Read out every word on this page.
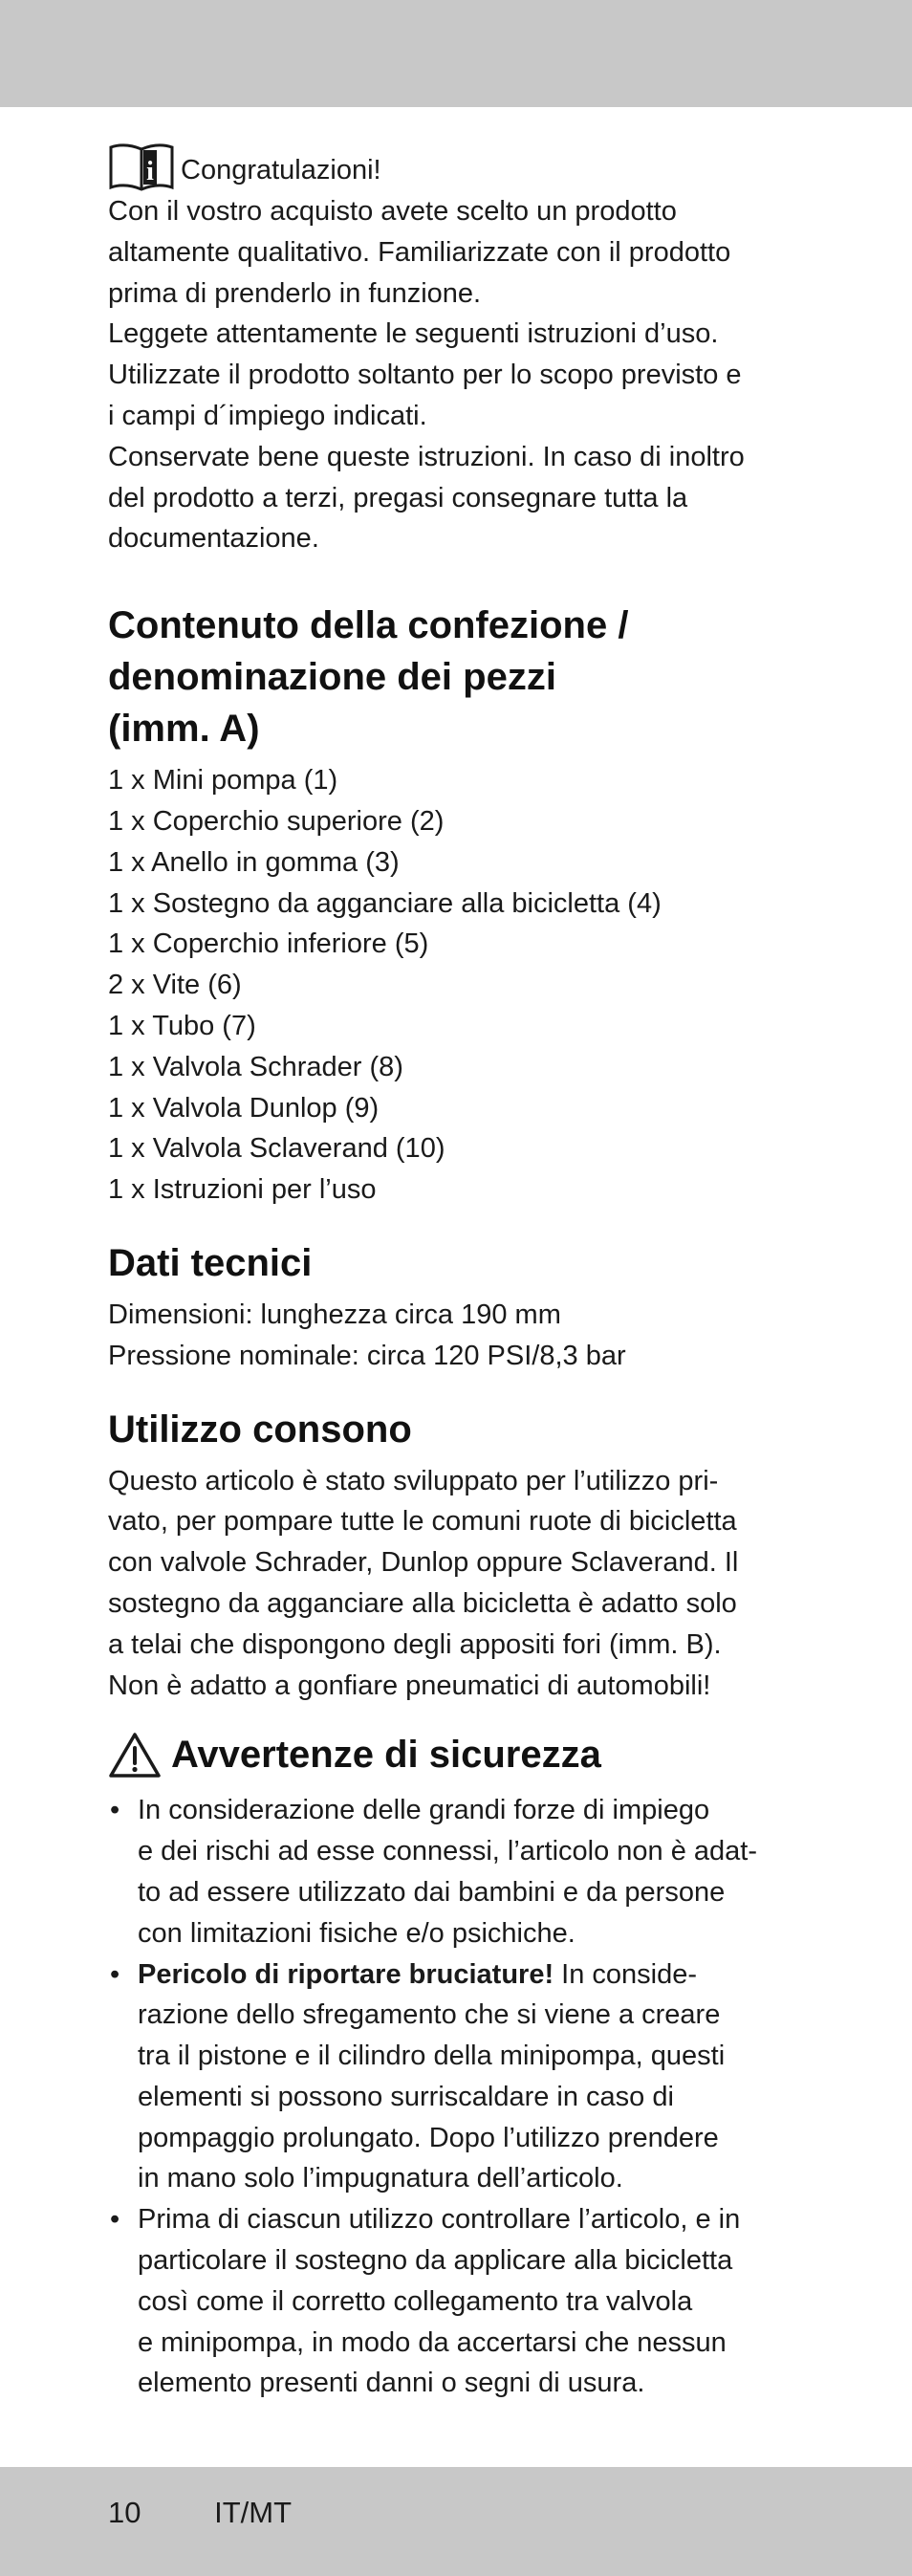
i Congratulazioni!

Con il vostro acquisto avete scelto un prodotto

altamente qualitativo. Familiarizzate con il prodotto

prima di prenderlo in funzione.

Leggete attentamente le seguenti istruzioni d’uso.

Utilizzate il prodotto soltanto per lo scopo previsto e

i campi d´impiego indicati.

Conservate bene queste istruzioni. In caso di inoltro

del prodotto a terzi, pregasi consegnare tutta la

documentazione.

Contenuto della confezione /
denominazione dei pezzi
(imm. A)
1 x Mini pompa (1)
1 x Coperchio superiore (2)
1 x Anello in gomma (3)
1 x Sostegno da agganciare alla bicicletta (4)
1 x Coperchio inferiore (5)
2 x Vite (6)
1 x Tubo (7)
1 x Valvola Schrader (8)
1 x Valvola Dunlop (9)
1 x Valvola Sclaverand (10)
1 x Istruzioni per l’uso
Dati tecnici

Dimensioni: lunghezza circa 190 mm

Pressione nominale: circa 120 PSI/8,3 bar

Utilizzo consono

Questo articolo è stato sviluppato per l’utilizzo pri-

vato, per pompare tutte le comuni ruote di bicicletta

con valvole Schrader, Dunlop oppure Sclaverand. Il

sostegno da agganciare alla bicicletta è adatto solo

a telai che dispongono degli appositi fori (imm. B).

Non è adatto a gonfiare pneumatici di automobili!

Avvertenze di sicurezza
• In considerazione delle grandi forze di impiego
e dei rischi ad esse connessi, l’articolo non è adat-
to ad essere utilizzato dai bambini e da persone
con limitazioni fisiche e/o psichiche.
• Pericolo di riportare bruciature! In conside-
razione dello sfregamento che si viene a creare
tra il pistone e il cilindro della minipompa, questi
elementi si possono surriscaldare in caso di
pompaggio prolungato. Dopo l’utilizzo prendere
in mano solo l’impugnatura dell’articolo.
• Prima di ciascun utilizzo controllare l’articolo, e in
particolare il sostegno da applicare alla bicicletta
così come il corretto collegamento tra valvola
e minipompa, in modo da accertarsi che nessun
elemento presenti danni o segni di usura.
10 IT/MT
